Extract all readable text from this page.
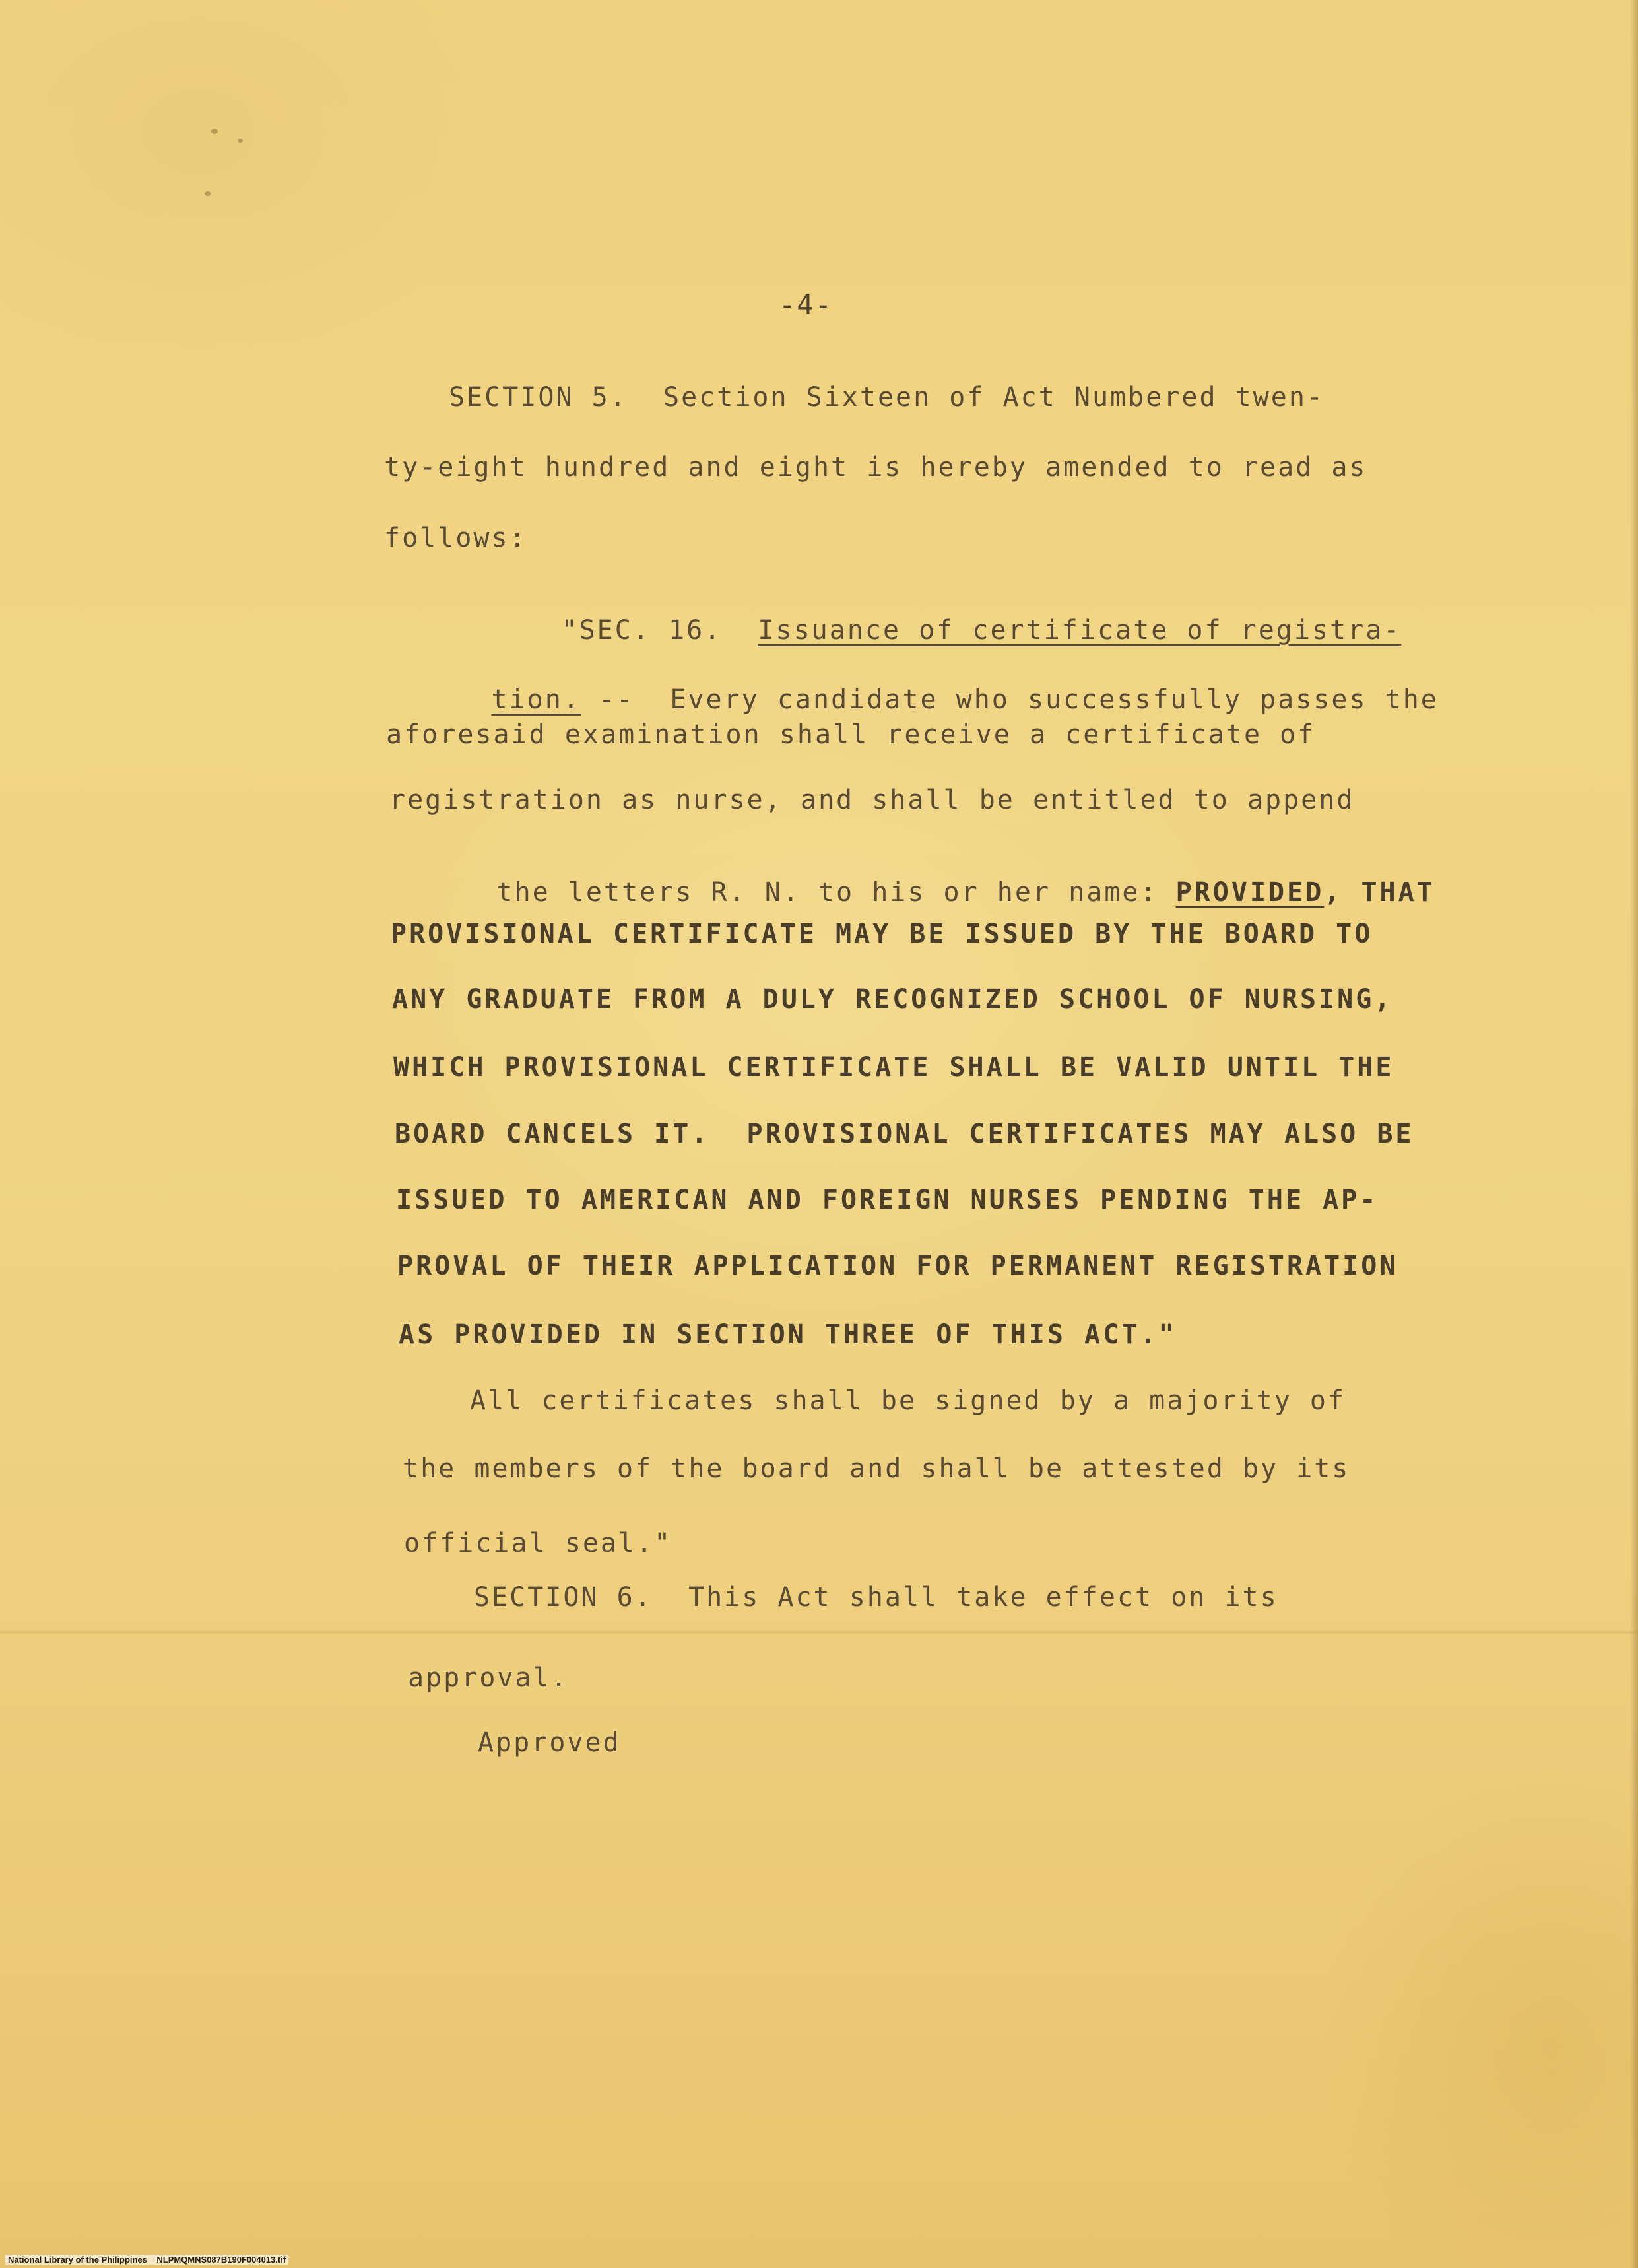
-4-
SECTION 5.  Section Sixteen of Act Numbered twen-
ty-eight hundred and eight is hereby amended to read as
follows:

"SEC. 16.  Issuance of certificate of registra-

tion. --  Every candidate who successfully passes the

aforesaid examination shall receive a certificate of
registration as nurse, and shall be entitled to append

the letters R. N. to his or her name: PROVIDED, THAT

PROVISIONAL CERTIFICATE MAY BE ISSUED BY THE BOARD TO
ANY GRADUATE FROM A DULY RECOGNIZED SCHOOL OF NURSING,
WHICH PROVISIONAL CERTIFICATE SHALL BE VALID UNTIL THE
BOARD CANCELS IT.  PROVISIONAL CERTIFICATES MAY ALSO BE
ISSUED TO AMERICAN AND FOREIGN NURSES PENDING THE AP-
PROVAL OF THEIR APPLICATION FOR PERMANENT REGISTRATION
AS PROVIDED IN SECTION THREE OF THIS ACT."
All certificates shall be signed by a majority of
the members of the board and shall be attested by its
official seal."
SECTION 6.  This Act shall take effect on its
approval.
Approved
National Library of the Philippines    NLPMQMNS087B190F004013.tif
